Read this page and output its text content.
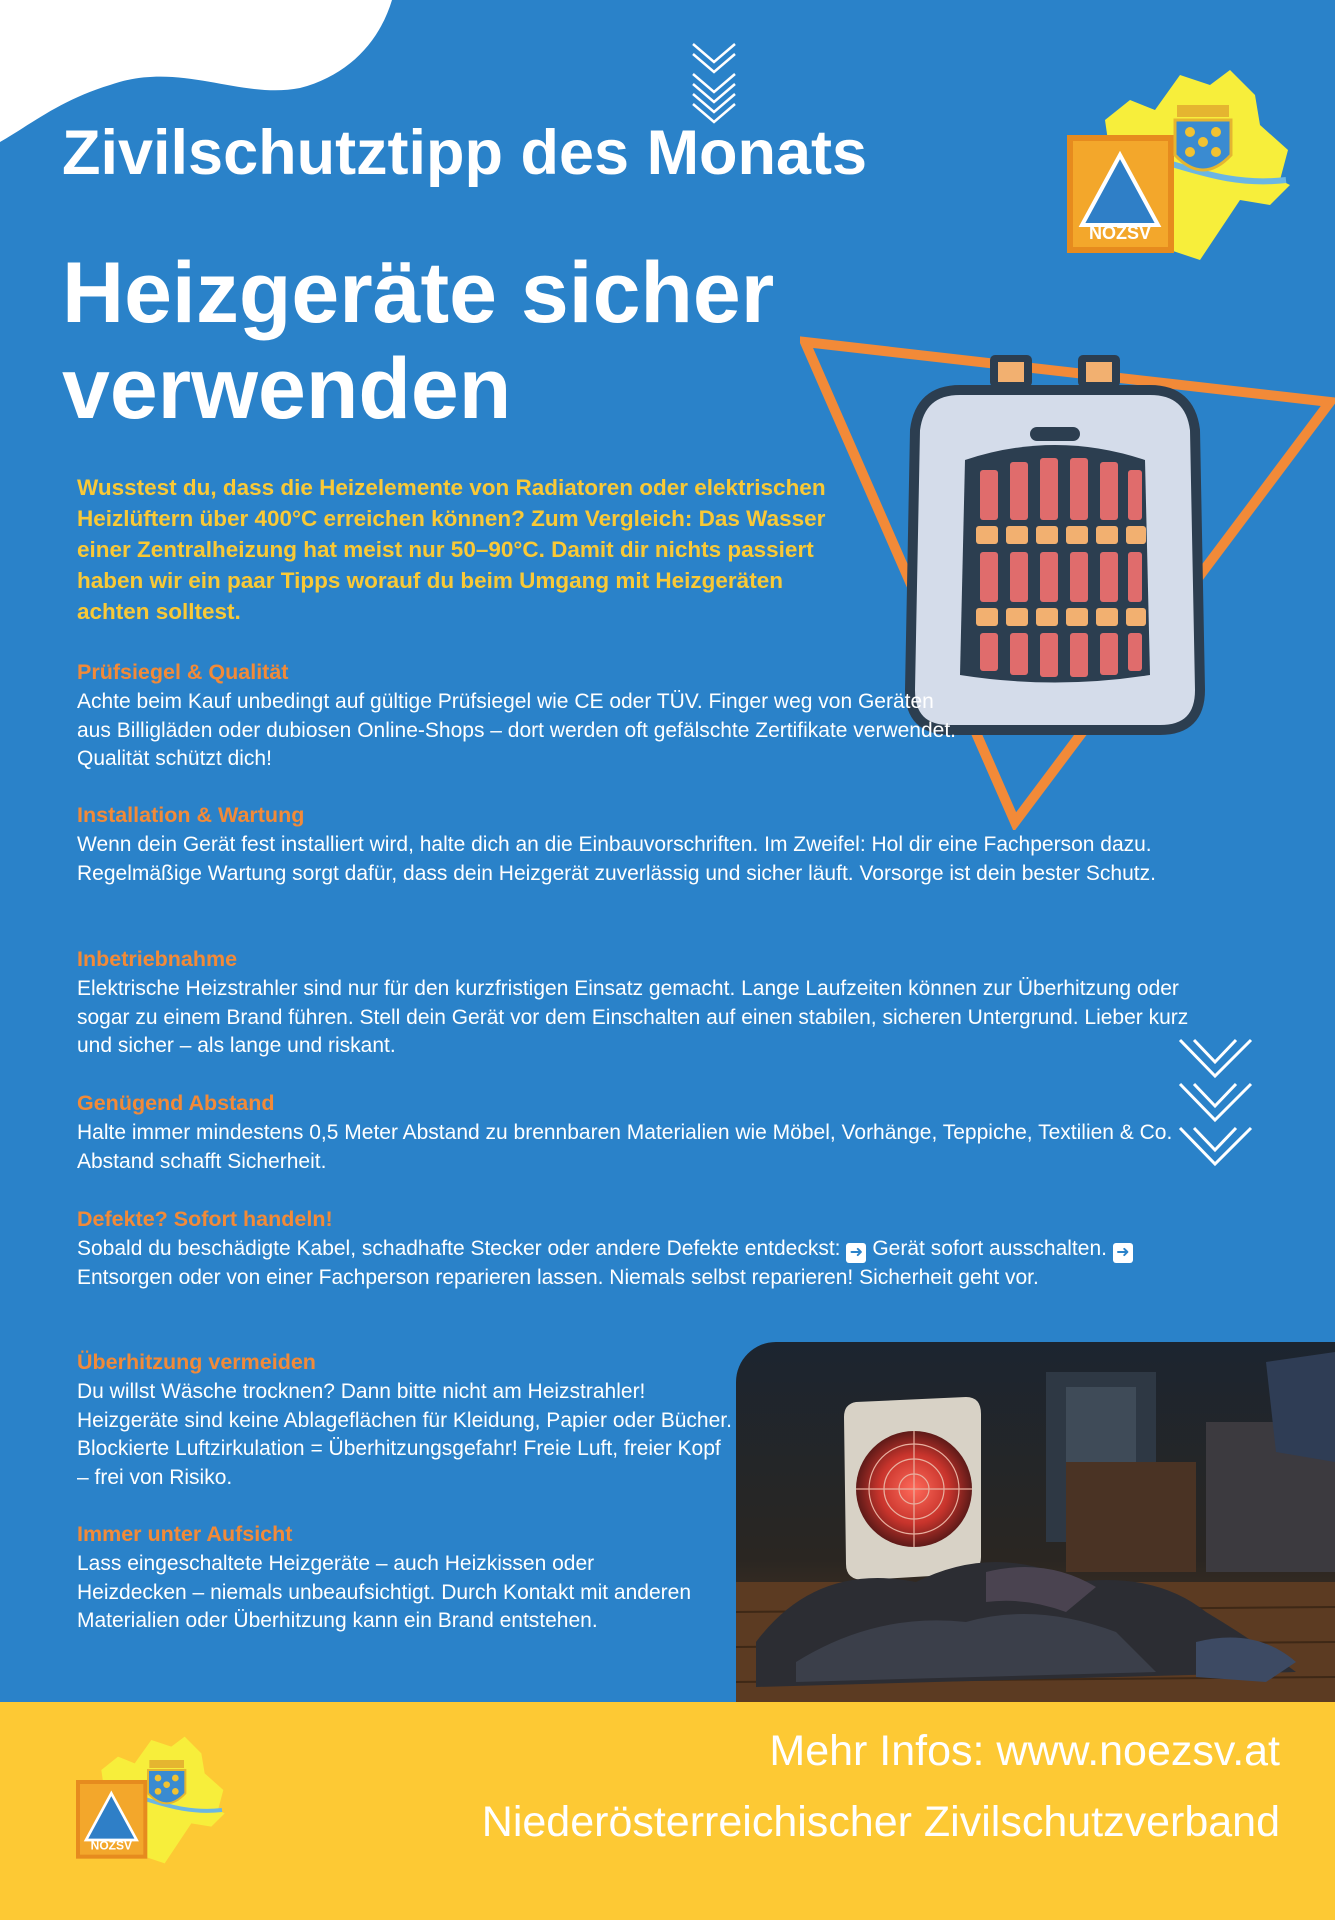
NÖZSV
Zivilschutztipp des Monats
Heizgeräte sicher
verwenden
Wusstest du, dass die Heizelemente von Radiatoren oder elektrischen Heizlüftern über 400°C erreichen können? Zum Vergleich: Das Wasser einer Zentralheizung hat meist nur 50–90°C. Damit dir nichts passiert haben wir ein paar Tipps worauf du beim Umgang mit Heizgeräten achten solltest.
Prüfsiegel & Qualität

Achte beim Kauf unbedingt auf gültige Prüfsiegel wie CE oder TÜV. Finger weg von Geräten aus Billigläden oder dubiosen Online-Shops – dort werden oft gefälschte Zertifikate verwendet. Qualität schützt dich!

Installation & Wartung

Wenn dein Gerät fest installiert wird, halte dich an die Einbauvorschriften. Im Zweifel: Hol dir eine Fachperson dazu. Regelmäßige Wartung sorgt dafür, dass dein Heizgerät zuverlässig und sicher läuft. Vorsorge ist dein bester Schutz.

Inbetriebnahme

Elektrische Heizstrahler sind nur für den kurzfristigen Einsatz gemacht. Lange Laufzeiten können zur Überhitzung oder sogar zu einem Brand führen. Stell dein Gerät vor dem Einschalten auf einen stabilen, sicheren Untergrund. Lieber kurz und sicher – als lange und riskant.

Genügend Abstand

Halte immer mindestens 0,5 Meter Abstand zu brennbaren Materialien wie Möbel, Vorhänge, Teppiche, Textilien & Co. Abstand schafft Sicherheit.

Defekte? Sofort handeln!

Sobald du beschädigte Kabel, schadhafte Stecker oder andere Defekte entdeckst: ➜ Gerät sofort ausschalten. ➜Entsorgen oder von einer Fachperson reparieren lassen. Niemals selbst reparieren! Sicherheit geht vor.

Überhitzung vermeiden

Du willst Wäsche trocknen? Dann bitte nicht am Heizstrahler! Heizgeräte sind keine Ablageflächen für Kleidung, Papier oder Bücher. Blockierte Luftzirkulation = Überhitzungsgefahr! Freie Luft, freier Kopf – frei von Risiko.

Immer unter Aufsicht

Lass eingeschaltete Heizgeräte – auch Heizkissen oder Heizdecken – niemals unbeaufsichtigt. Durch Kontakt mit anderen Materialien oder Überhitzung kann ein Brand entstehen.

Mehr Infos: www.noezsv.at
Niederösterreichischer Zivilschutzverband
NÖZSV
